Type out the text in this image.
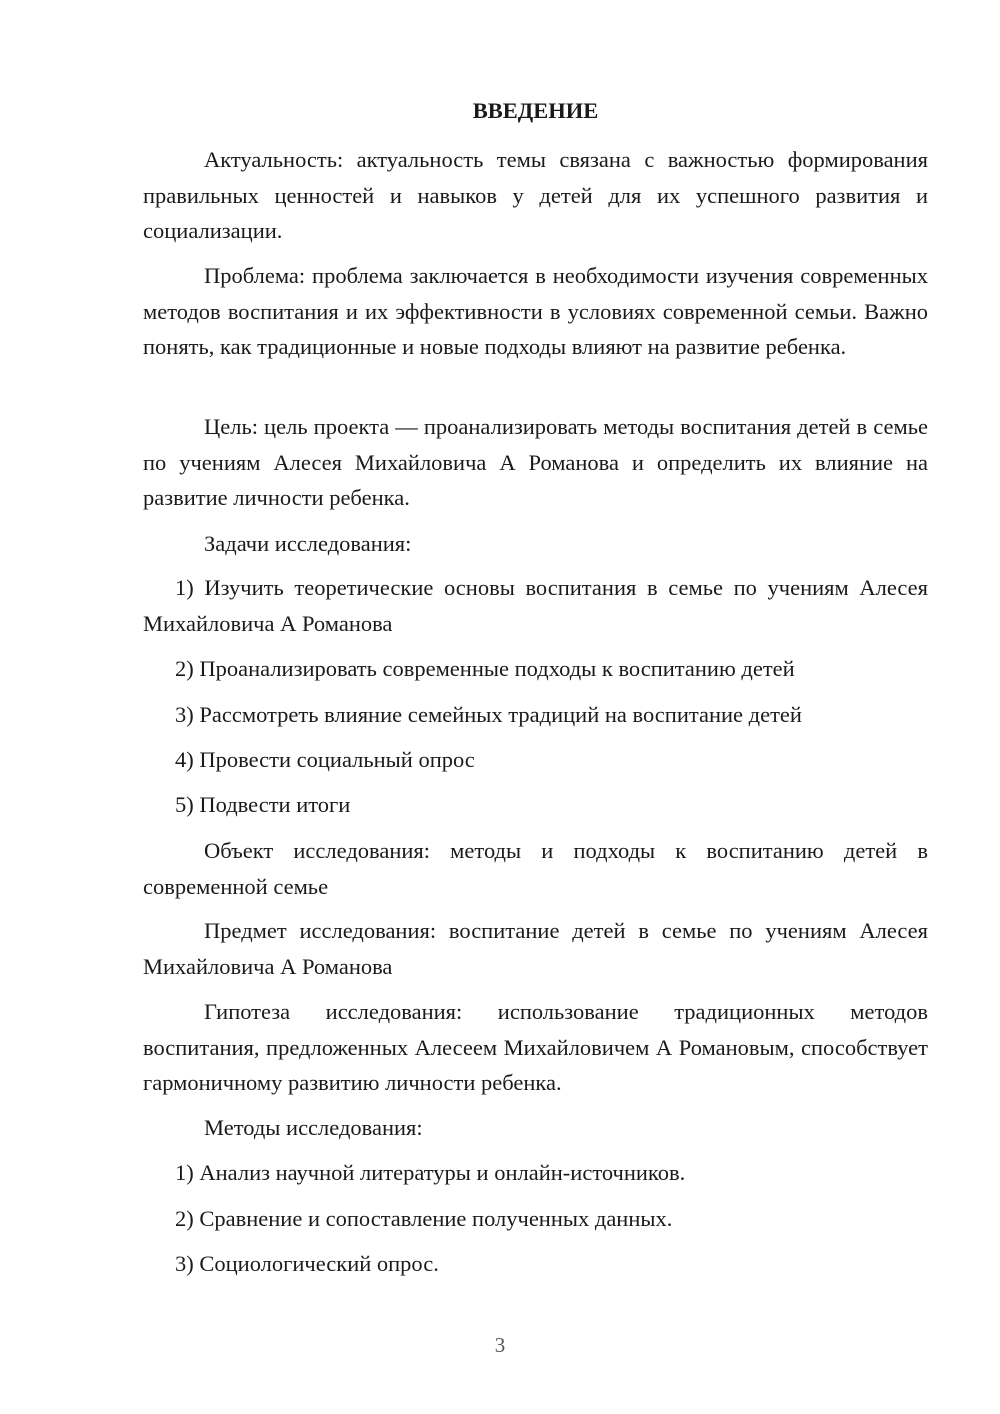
ВВЕДЕНИЕ

Актуальность: актуальность темы связана с важностью формирования правильных ценностей и навыков у детей для их успешного развития и социализации.

Проблема: проблема заключается в необходимости изучения современных методов воспитания и их эффективности в условиях современной семьи. Важно понять, как традиционные и новые подходы влияют на развитие ребенка.

Цель: цель проекта — проанализировать методы воспитания детей в семье по учениям Алесея Михайловича А Романова и определить их влияние на развитие личности ребенка.

Задачи исследования:

1) Изучить теоретические основы воспитания в семье по учениям Алесея Михайловича А Романова

2) Проанализировать современные подходы к воспитанию детей

3) Рассмотреть влияние семейных традиций на воспитание детей

4) Провести социальный опрос

5) Подвести итоги

Объект исследования: методы и подходы к воспитанию детей в современной семье

Предмет исследования: воспитание детей в семье по учениям Алесея Михайловича А Романова

Гипотеза исследования: использование традиционных методов воспитания, предложенных Алесеем Михайловичем А Романовым, способствует гармоничному развитию личности ребенка.

Методы исследования:

1) Анализ научной литературы и онлайн-источников.

2) Сравнение и сопоставление полученных данных.

3) Социологический опрос.

3
